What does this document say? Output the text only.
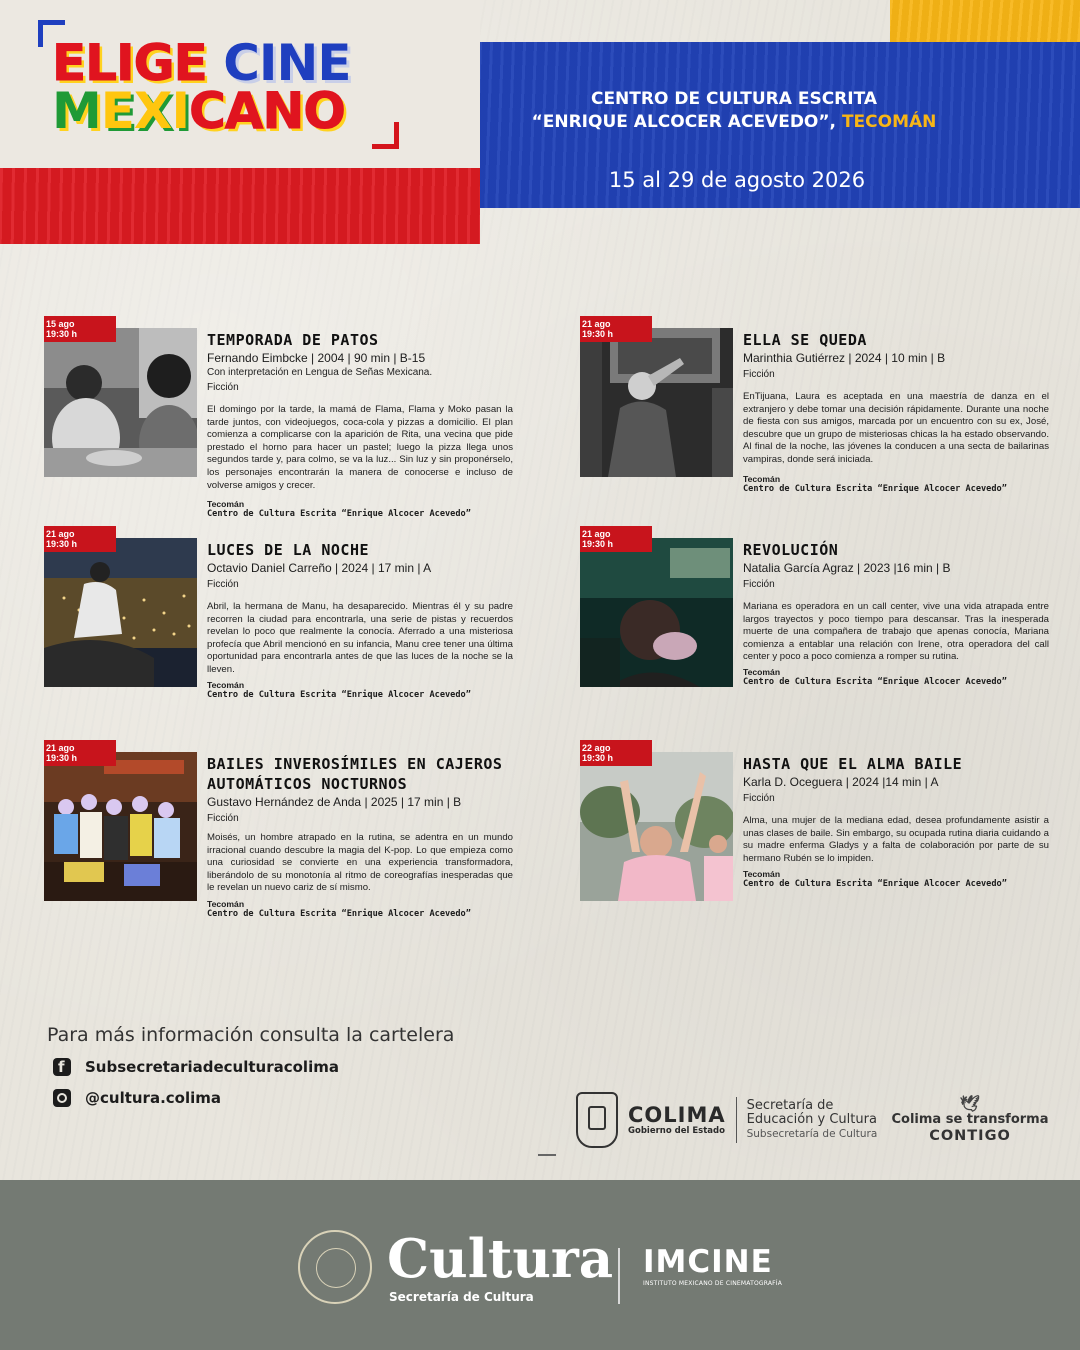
ELIGE CINE
MEXICANO	CENTRO DE CULTURA ESCRITA
“ENRIQUE ALCOCER ACEVEDO”, TECOMÁN
15 al 29 de agosto 2026
15 ago
19:30 h	TEMPORADA DE PATOS
Fernando Eimbcke | 2004 | 90 min | B-15
Con interpretación en Lengua de Señas Mexicana.
Ficción
El domingo por la tarde, la mamá de Flama, Flama y Moko pasan la tarde juntos, con videojuegos, coca-cola y pizzas a domicilio. El plan comienza a complicarse con la aparición de Rita, una vecina que pide prestado el horno para hacer un pastel; luego la pizza llega unos segundos tarde y, para colmo, se va la luz... Sin luz y sin proponérselo, los personajes encontrarán la manera de conocerse e incluso de volverse amigos y crecer.
Tecomán
Centro de Cultura Escrita “Enrique Alcocer Acevedo”
21 ago
19:30 h	ELLA SE QUEDA
Marinthia Gutiérrez | 2024 | 10 min | B
Ficción
EnTijuana, Laura es aceptada en una maestría de danza en el extranjero y debe tomar una decisión rápidamente. Durante una noche de fiesta con sus amigos, marcada por un encuentro con su ex, José, descubre que un grupo de misteriosas chicas la ha estado observando. Al final de la noche, las jóvenes la conducen a una secta de bailarinas vampiras, donde será iniciada.
Tecomán
Centro de Cultura Escrita “Enrique Alcocer Acevedo”
21 ago
19:30 h	LUCES DE LA NOCHE
Octavio Daniel Carreño | 2024 | 17 min | A
Ficción
Abril, la hermana de Manu, ha desaparecido. Mientras él y su padre recorren la ciudad para encontrarla, una serie de pistas y recuerdos revelan lo poco que realmente la conocía. Aferrado a una misteriosa profecía que Abril mencionó en su infancia, Manu cree tener una última oportunidad para encontrarla antes de que las luces de la noche se la lleven.
Tecomán
Centro de Cultura Escrita “Enrique Alcocer Acevedo”
21 ago
19:30 h	REVOLUCIÓN
Natalia García Agraz | 2023 |16 min | B
Ficción
Mariana es operadora en un call center, vive una vida atrapada entre largos trayectos y poco tiempo para descansar. Tras la inesperada muerte de una compañera de trabajo que apenas conocía, Mariana comienza a entablar una relación con Irene, otra operadora del call center y poco a poco comienza a romper su rutina.
Tecomán
Centro de Cultura Escrita “Enrique Alcocer Acevedo”
21 ago
19:30 h	BAILES INVEROSÍMILES EN CAJEROS AUTOMÁTICOS NOCTURNOS
Gustavo Hernández de Anda | 2025 | 17 min | B
Ficción
Moisés, un hombre atrapado en la rutina, se adentra en un mundo irracional cuando descubre la magia del K-pop. Lo que empieza como una curiosidad se convierte en una experiencia transformadora, liberándolo de su monotonía al ritmo de coreografías inesperadas que le revelan un nuevo cariz de sí mismo.
Tecomán
Centro de Cultura Escrita “Enrique Alcocer Acevedo”
22 ago
19:30 h	HASTA QUE EL ALMA BAILE
Karla D. Oceguera | 2024 |14 min | A
Ficción
Alma, una mujer de la mediana edad, desea profundamente asistir a unas clases de baile. Sin embargo, su ocupada rutina diaria cuidando a su madre enferma Gladys y a falta de colaboración por parte de su hermano Rubén se lo impiden.
Tecomán
Centro de Cultura Escrita “Enrique Alcocer Acevedo”
Para más información consulta la cartelera
f Subsecretariadeculturacolima
@cultura.colima
COLIMA
Gobierno del Estado
Secretaría de
Educación y Cultura
Subsecretaría de Cultura
🕊
Colima se transforma
CONTIGO
Cultura
Secretaría de Cultura
IMCINE
INSTITUTO MEXICANO DE CINEMATOGRAFÍA
